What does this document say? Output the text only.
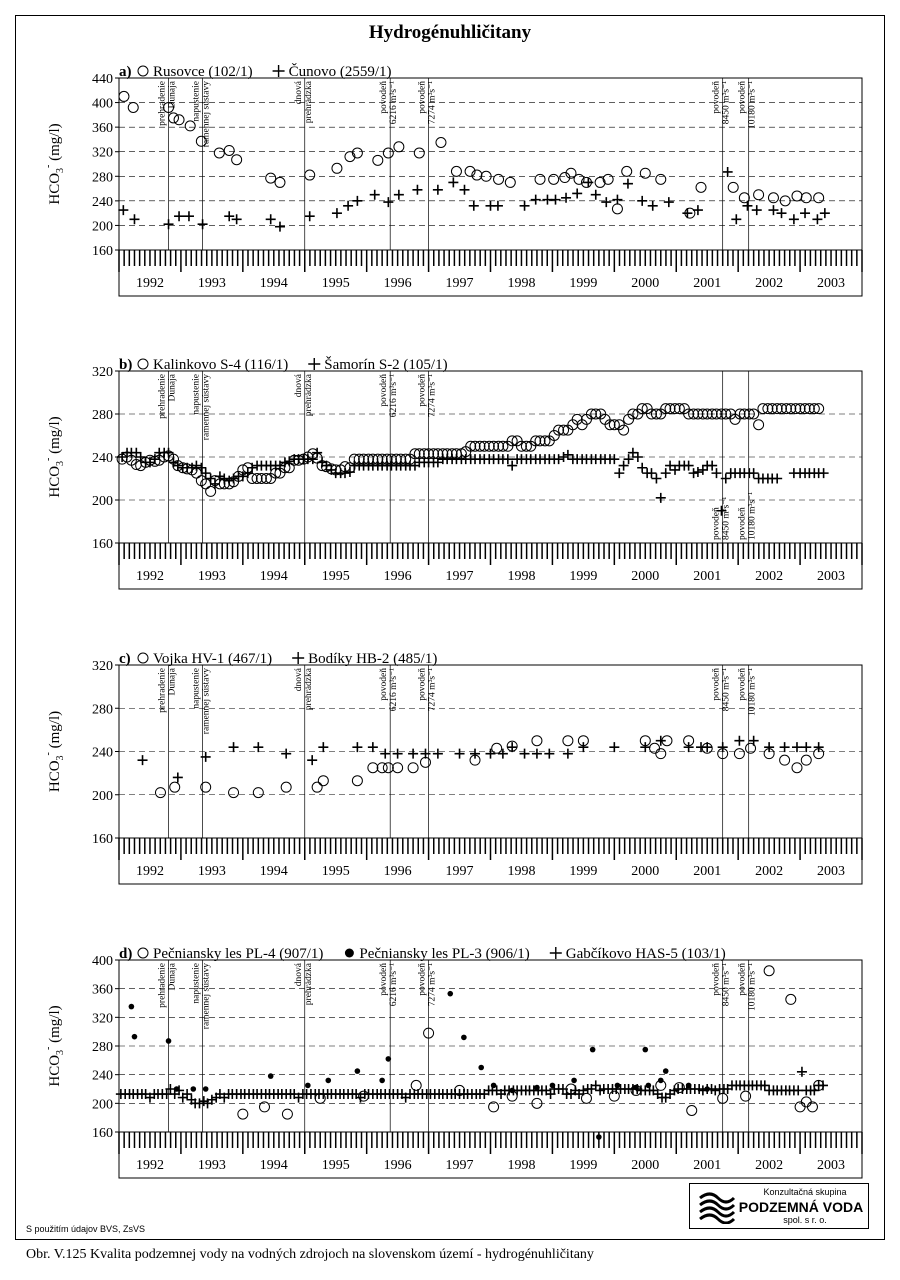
Hydrogénuhličitany
160
200
240
280
320
360
400
440
$HCO_3^-$ (mg/l)
1992 1993 1994 1995 1996 1997 1998 1999 2000 2001 2002 2003
prehradenie Dunaja napustenie ramennej sústavy	dnová prehrádzka	povodeň 6216 m³s⁻¹ povodeň 7274 m³s⁻¹	povodeň 8450 m³s⁻¹ povodeň 10180 m³s⁻¹
a) Rusovce (102/1) Čunovo (2559/1)
160
200
240
280
320
$HCO_3^-$ (mg/l)
1992 1993 1994 1995 1996 1997 1998 1999 2000 2001 2002 2003
prehradenie Dunaja napustenie ramennej sústavy	dnová prehrádzka	povodeň 6216 m³s⁻¹ povodeň 7274 m³s⁻¹
povodeň 8450 m³s⁻¹ povodeň 10180 m³s⁻¹
b) Kalinkovo S-4 (116/1) Šamorín S-2 (105/1)
160
200
240
280
320
$HCO_3^-$ (mg/l)
1992 1993 1994 1995 1996 1997 1998 1999 2000 2001 2002 2003
prehradenie Dunaja napustenie ramennej sústavy	dnová prehrádzka	povodeň 6216 m³s⁻¹ povodeň 7274 m³s⁻¹	povodeň 8450 m³s⁻¹ povodeň 10180 m³s⁻¹
c) Vojka HV-1 (467/1) Bodíky HB-2 (485/1)
160
200
240
280
320
360
400
$HCO_3^-$ (mg/l)
1992 1993 1994 1995 1996 1997 1998 1999 2000 2001 2002 2003
prehradenie Dunaja napustenie ramennej sústavy	dnová prehrádzka	povodeň 6216 m³s⁻¹ povodeň 7274 m³s⁻¹	povodeň 8450 m³s⁻¹ povodeň 10180 m³s⁻¹
d) Pečniansky les PL-4 (907/1) Pečniansky les PL-3 (906/1) Gabčíkovo HAS-5 (103/1)
S použitím údajov BVS, ZsVS
Obr. V.125 Kvalita podzemnej vody na vodných zdrojoch na slovenskom území - hydrogénuhličitany
Konzultačná skupina
PODZEMNÁ VODA
spol. s r. o.
